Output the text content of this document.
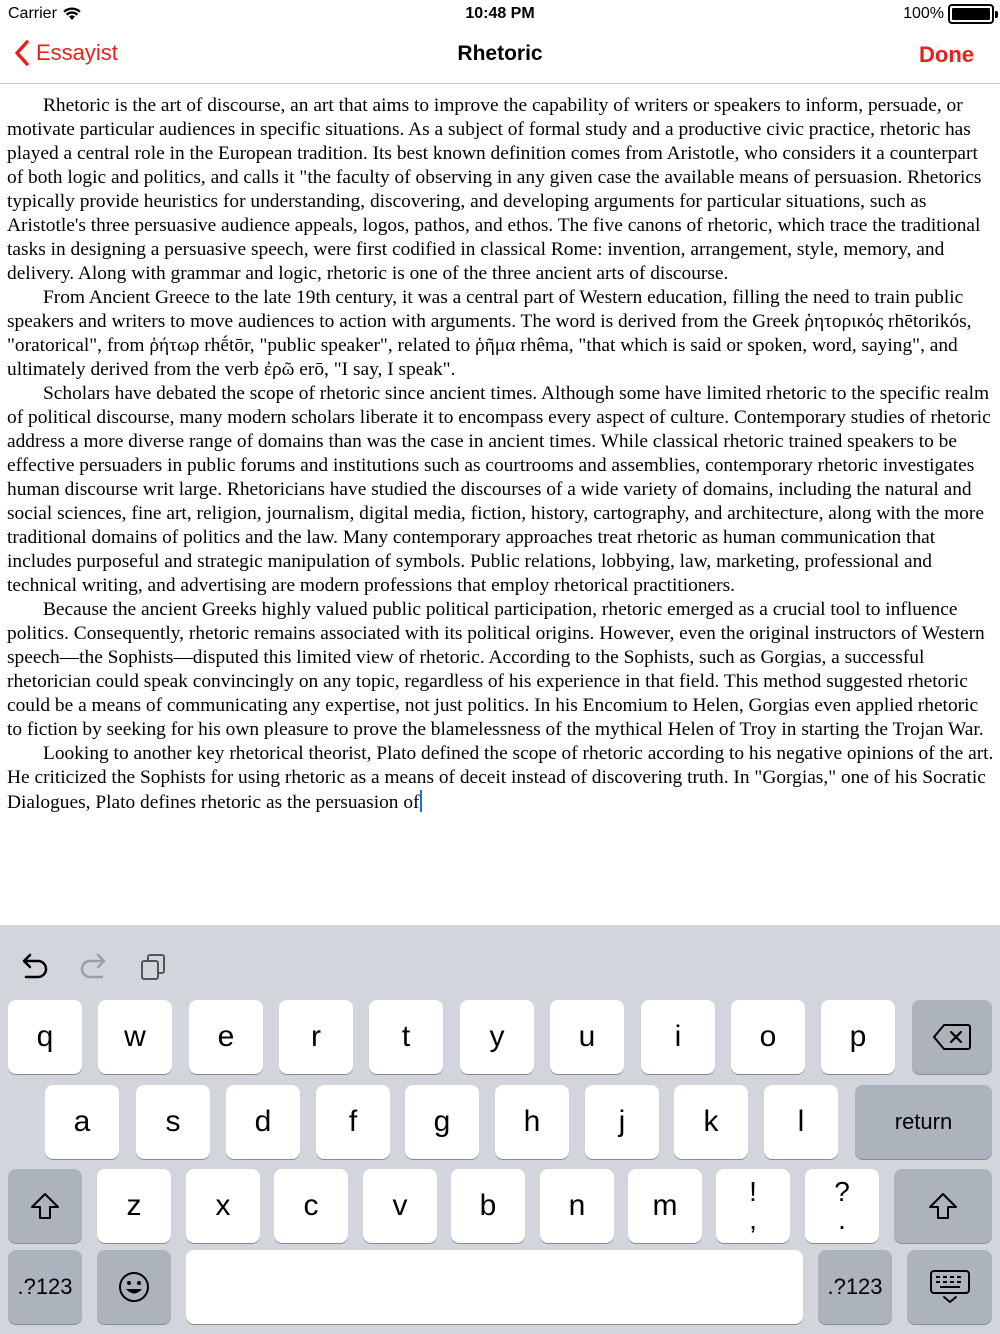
Carrier	10:48 PM	100%
Essayist	Rhetoric	Done

Rhetoric is the art of discourse, an art that aims to improve the capability of writers or speakers to inform, persuade, or motivate particular audiences in specific situations. As a subject of formal study and a productive civic practice, rhetoric has played a central role in the European tradition. Its best known definition comes from Aristotle, who considers it a counterpart of both logic and politics, and calls it "the faculty of observing in any given case the available means of persuasion. Rhetorics typically provide heuristics for understanding, discovering, and developing arguments for particular situations, such as Aristotle's three persuasive audience appeals, logos, pathos, and ethos. The five canons of rhetoric, which trace the traditional tasks in designing a persuasive speech, were first codified in classical Rome: invention, arrangement, style, memory, and delivery. Along with grammar and logic, rhetoric is one of the three ancient arts of discourse.

From Ancient Greece to the late 19th century, it was a central part of Western education, filling the need to train public speakers and writers to move audiences to action with arguments. The word is derived from the Greek ῥητορικός rhētorikós, "oratorical", from ῥήτωρ rhḗtōr, "public speaker", related to ῥῆμα rhêma, "that which is said or spoken, word, saying", and ultimately derived from the verb ἐρῶ erō, "I say, I speak".

Scholars have debated the scope of rhetoric since ancient times. Although some have limited rhetoric to the specific realm of political discourse, many modern scholars liberate it to encompass every aspect of culture. Contemporary studies of rhetoric address a more diverse range of domains than was the case in ancient times. While classical rhetoric trained speakers to be effective persuaders in public forums and institutions such as courtrooms and assemblies, contemporary rhetoric investigates human discourse writ large. Rhetoricians have studied the discourses of a wide variety of domains, including the natural and social sciences, fine art, religion, journalism, digital media, fiction, history, cartography, and architecture, along with the more traditional domains of politics and the law. Many contemporary approaches treat rhetoric as human communication that includes purposeful and strategic manipulation of symbols. Public relations, lobbying, law, marketing, professional and technical writing, and advertising are modern professions that employ rhetorical practitioners.

Because the ancient Greeks highly valued public political participation, rhetoric emerged as a crucial tool to influence politics. Consequently, rhetoric remains associated with its political origins. However, even the original instructors of Western speech—the Sophists—disputed this limited view of rhetoric. According to the Sophists, such as Gorgias, a successful rhetorician could speak convincingly on any topic, regardless of his experience in that field. This method suggested rhetoric could be a means of communicating any expertise, not just politics. In his Encomium to Helen, Gorgias even applied rhetoric to fiction by seeking for his own pleasure to prove the blamelessness of the mythical Helen of Troy in starting the Trojan War.

Looking to another key rhetorical theorist, Plato defined the scope of rhetoric according to his negative opinions of the art. He criticized the Sophists for using rhetoric as a means of deceit instead of discovering truth. In "Gorgias," one of his Socratic Dialogues, Plato defines rhetoric as the persuasion of

q	w	e	r	t	y	u	i	o	p
a	s	d	f	g	h	j	k	l	return
z	x	c	v	b	n	m	!
,
?
.
.?123	.?123
